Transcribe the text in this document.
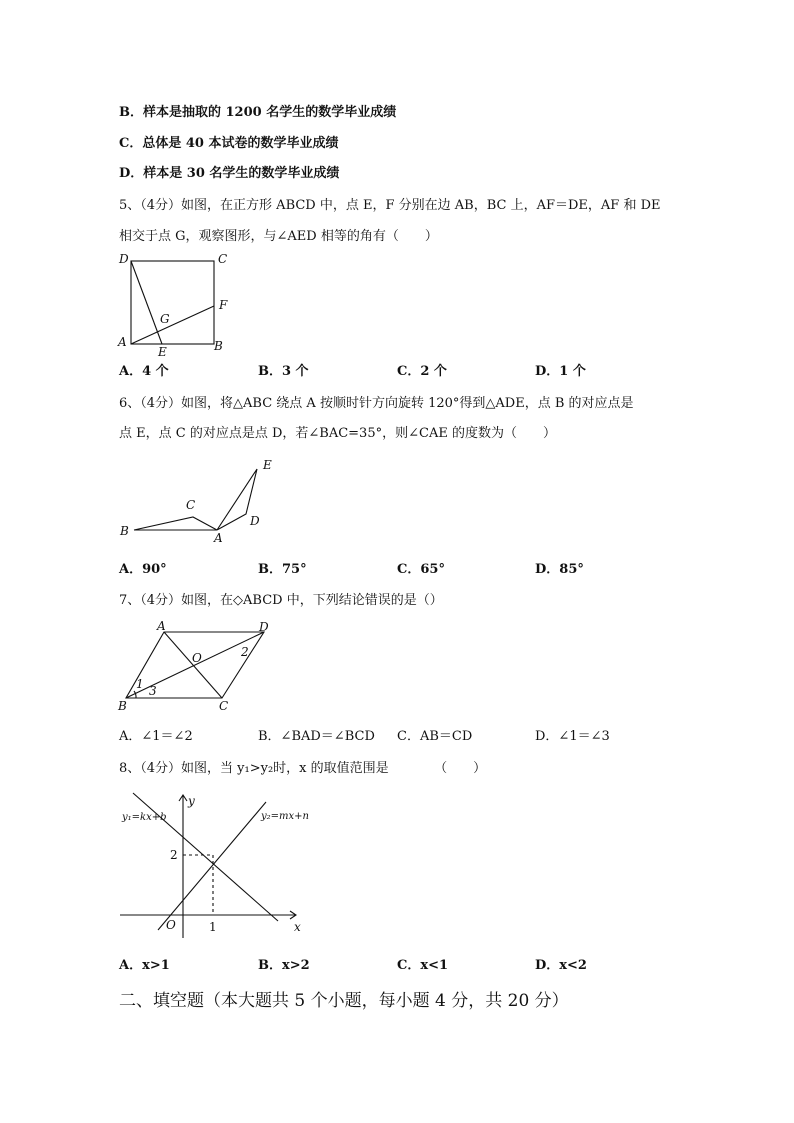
B．样本是抽取的 1200 名学生的数学毕业成绩
C．总体是 40 本试卷的数学毕业成绩
D．样本是 30 名学生的数学毕业成绩
5、（4分）如图，在正方形 ABCD 中，点 E，F 分别在边 AB，BC 上，AF＝DE，AF 和 DE
相交于点 G，观察图形，与∠AED 相等的角有（　　）
D	C
F
G
A
E	B
A．4 个	B．3 个	C．2 个	D．1 个
6、（4分）如图，将△ABC 绕点 A 按顺时针方向旋转 120°得到△ADE，点 B 的对应点是
点 E，点 C 的对应点是点 D，若∠BAC=35°，则∠CAE 的度数为（　　）
E
C
B
D
A
A．90°	B．75°	C．65°	D．85°
7、（4分）如图，在◇ABCD 中，下列结论错误的是（）
A	D
O	2
1 3
B	C
A．∠1＝∠2	B．∠BAD＝∠BCD C．AB＝CD	D．∠1＝∠3
8、（4分）如图，当 y₁>y₂时，x 的取值范围是　　　　（　　）
y
y₁=kx+b	y₂=mx+n
2
O	1	x
A．x>1	B．x>2	C．x<1	D．x<2
二、填空题（本大题共 5 个小题，每小题 4 分，共 20 分）
